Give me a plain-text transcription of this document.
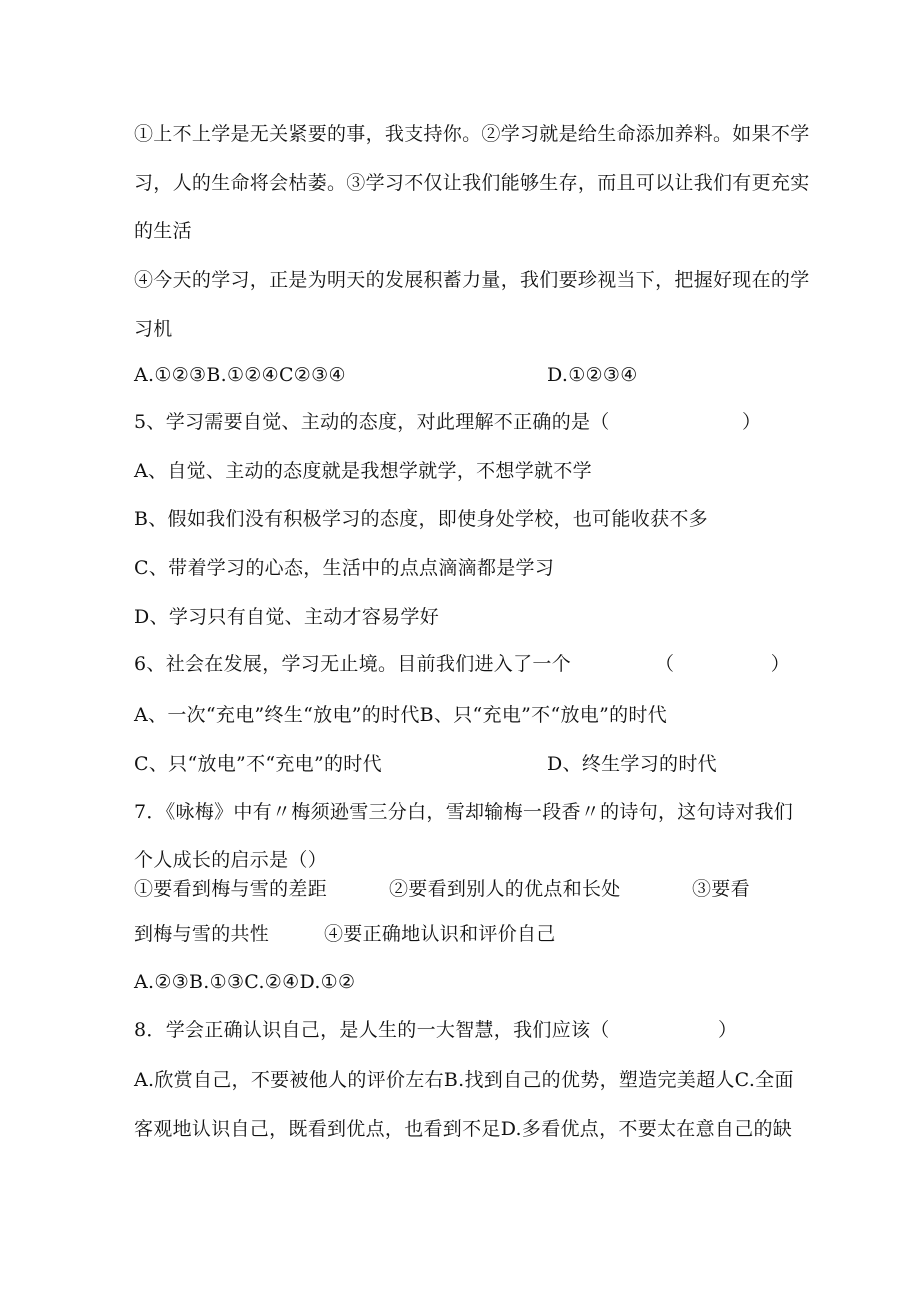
①上不上学是无关紧要的事，我支持你。②学习就是给生命添加养料。如果不学
习，人的生命将会枯萎。③学习不仅让我们能够生存，而且可以让我们有更充实
的生活
④今天的学习，正是为明天的发展积蓄力量，我们要珍视当下，把握好现在的学
习机
A.①②③B.①②④C②③④	D.①②③④
5、学习需要自觉、主动的态度，对此理解不正确的是（	）
A、自觉、主动的态度就是我想学就学，不想学就不学
B、假如我们没有积极学习的态度，即使身处学校，也可能收获不多
C、带着学习的心态，生活中的点点滴滴都是学习
D、学习只有自觉、主动才容易学好
6、社会在发展，学习无止境。目前我们进入了一个	（　　　　　）
A、一次“充电”终生“放电”的时代B、只“充电”不“放电”的时代
C、只“放电”不“充电”的时代	D、终生学习的时代
7．《咏梅》中有〃梅须逊雪三分白，雪却输梅一段香〃的诗句，这句诗对我们
个人成长的启示是（）
①要看到梅与雪的差距	②要看到别人的优点和长处	③要看
到梅与雪的共性	④要正确地认识和评价自己
A.②③B.①③C.②④D.①②
8．学会正确认识自己，是人生的一大智慧，我们应该（	）
A.欣赏自己，不要被他人的评价左右B.找到自己的优势，塑造完美超人C.全面
客观地认识自己，既看到优点，也看到不足D.多看优点，不要太在意自己的缺
